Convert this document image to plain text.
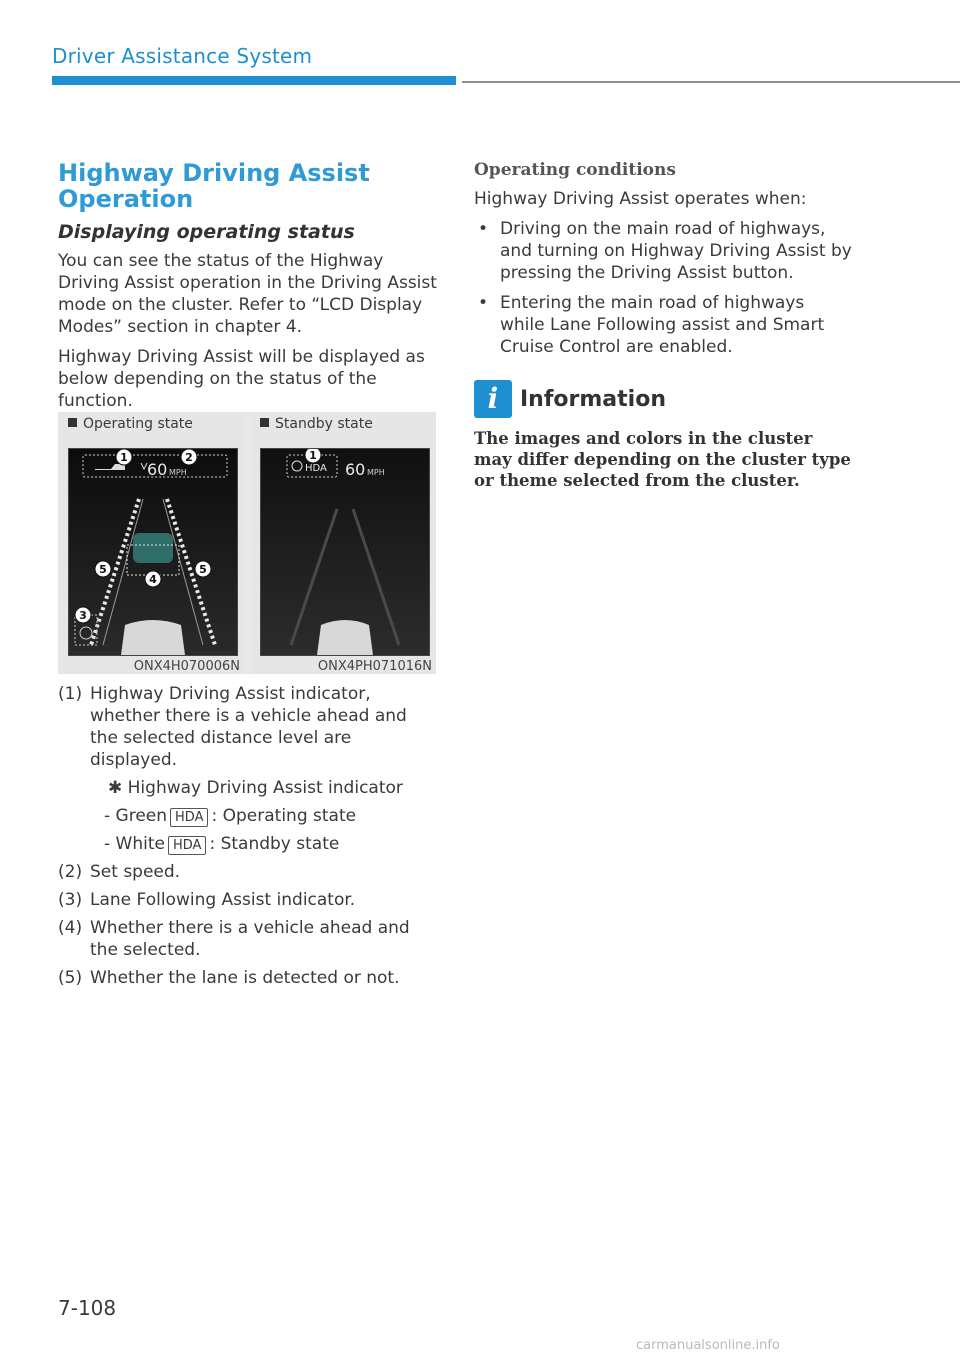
Driver Assistance System
Highway Driving Assist
Operation
Displaying operating status

You can see the status of the Highway Driving Assist operation in the Driving Assist mode on the cluster. Refer to “LCD Display Modes” section in chapter 4.

Highway Driving Assist will be displayed as below depending on the status of the function.

Operating state
60 MPH
1	2
3
4
5	5
ONX4H070006N
Standby state
HDA 60 MPH
1
ONX4PH071016N
(1) Highway Driving Assist indicator, whether there is a vehicle ahead and the selected distance level are displayed.
✱ Highway Driving Assist indicator
- Green HDA : Operating state
- White HDA : Standby state
(2) Set speed.
(3) Lane Following Assist indicator.
(4) Whether there is a vehicle ahead and the selected.
(5) Whether the lane is detected or not.
Operating conditions
Highway Driving Assist operates when:
• Driving on the main road of highways, and turning on Highway Driving Assist by pressing the Driving Assist button.
• Entering the main road of highways while Lane Following assist and Smart Cruise Control are enabled.
i Information
The images and colors in the cluster may differ depending on the cluster type or theme selected from the cluster.
7-108
carmanualsonline.info
